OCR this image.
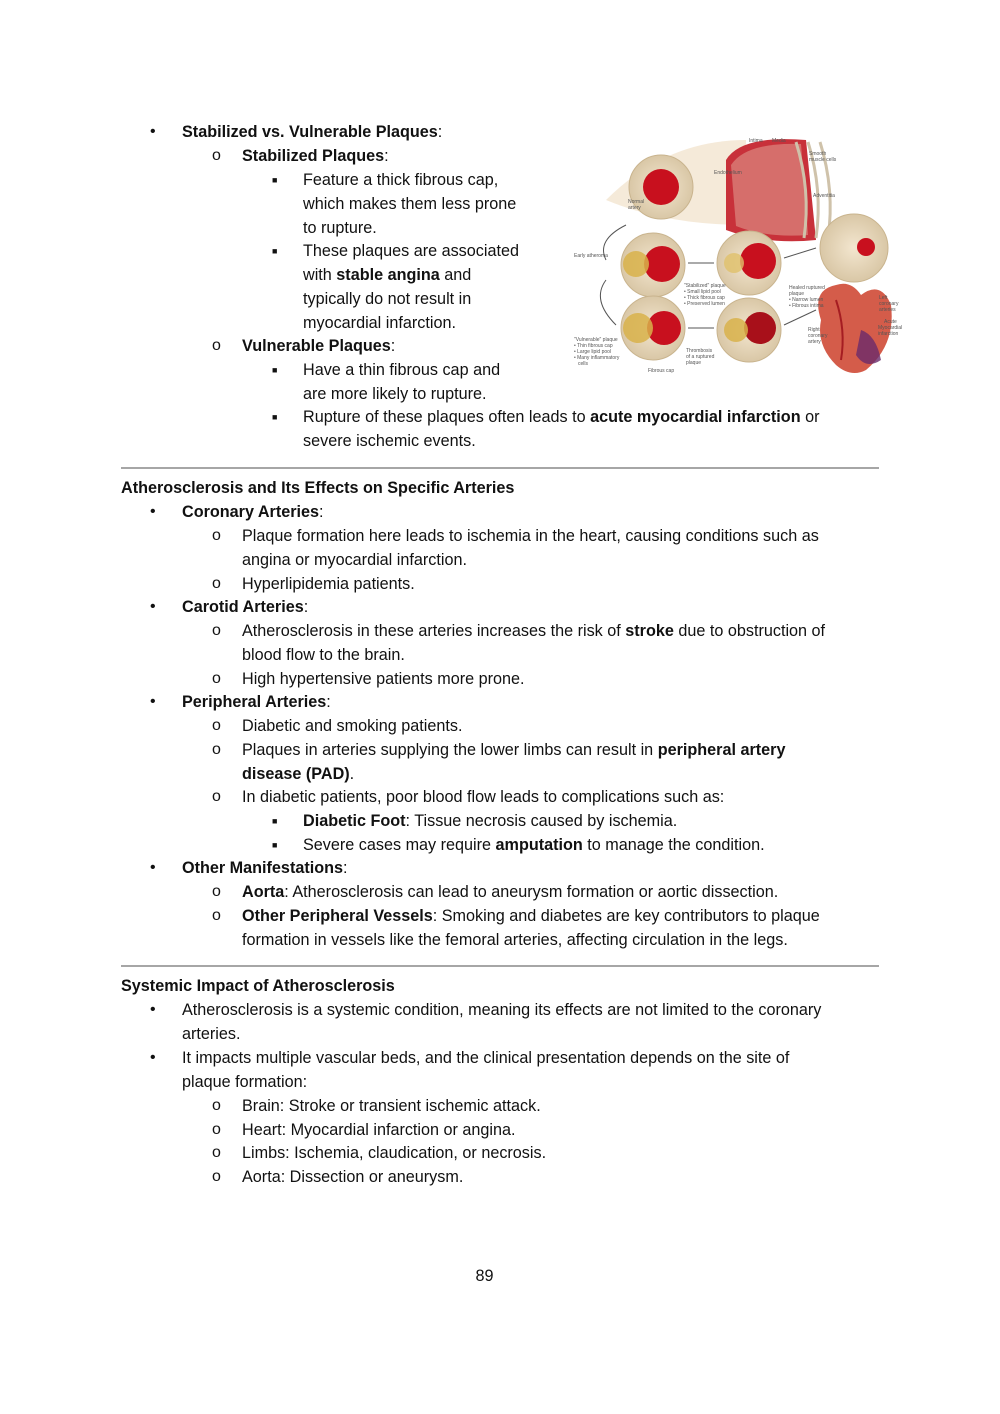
• Stabilized vs. Vulnerable Plaques:
o Stabilized Plaques:
■ Feature a thick fibrous cap,
which makes them less prone
to rupture.
■ These plaques are associated
with stable angina and
typically do not result in
myocardial infarction.
o Vulnerable Plaques:
■ Have a thin fibrous cap and
are more likely to rupture.
■ Rupture of these plaques often leads to acute myocardial infarction or
severe ischemic events.
Intima Media
Smooth
muscle cells
Endothelium
Adventitia
Normal
artery
Early atheroma
"Stabilized" plaque
• Small lipid pool
• Thick fibrous cap
• Preserved lumen
Healed ruptured
plaque
• Narrow lumen
• Fibrous intima
"Vulnerable" plaque
• Thin fibrous cap
• Large lipid pool
• Many inflammatory
cells
Thrombosis
of a ruptured
plaque
Fibrous cap
Right
coronary
artery
Left
coronary
arteries
Acute
Myocardial
infarction
Atherosclerosis and Its Effects on Specific Arteries
• Coronary Arteries:
o Plaque formation here leads to ischemia in the heart, causing conditions such as
angina or myocardial infarction.
o Hyperlipidemia patients.
• Carotid Arteries:
o Atherosclerosis in these arteries increases the risk of stroke due to obstruction of
blood flow to the brain.
o High hypertensive patients more prone.
• Peripheral Arteries:
o Diabetic and smoking patients.
o Plaques in arteries supplying the lower limbs can result in peripheral artery
disease (PAD).
o In diabetic patients, poor blood flow leads to complications such as:
■ Diabetic Foot: Tissue necrosis caused by ischemia.
■ Severe cases may require amputation to manage the condition.
• Other Manifestations:
o Aorta: Atherosclerosis can lead to aneurysm formation or aortic dissection.
o Other Peripheral Vessels: Smoking and diabetes are key contributors to plaque
formation in vessels like the femoral arteries, affecting circulation in the legs.
Systemic Impact of Atherosclerosis
• Atherosclerosis is a systemic condition, meaning its effects are not limited to the coronary
arteries.
• It impacts multiple vascular beds, and the clinical presentation depends on the site of
plaque formation:
o Brain: Stroke or transient ischemic attack.
o Heart: Myocardial infarction or angina.
o Limbs: Ischemia, claudication, or necrosis.
o Aorta: Dissection or aneurysm.
89
